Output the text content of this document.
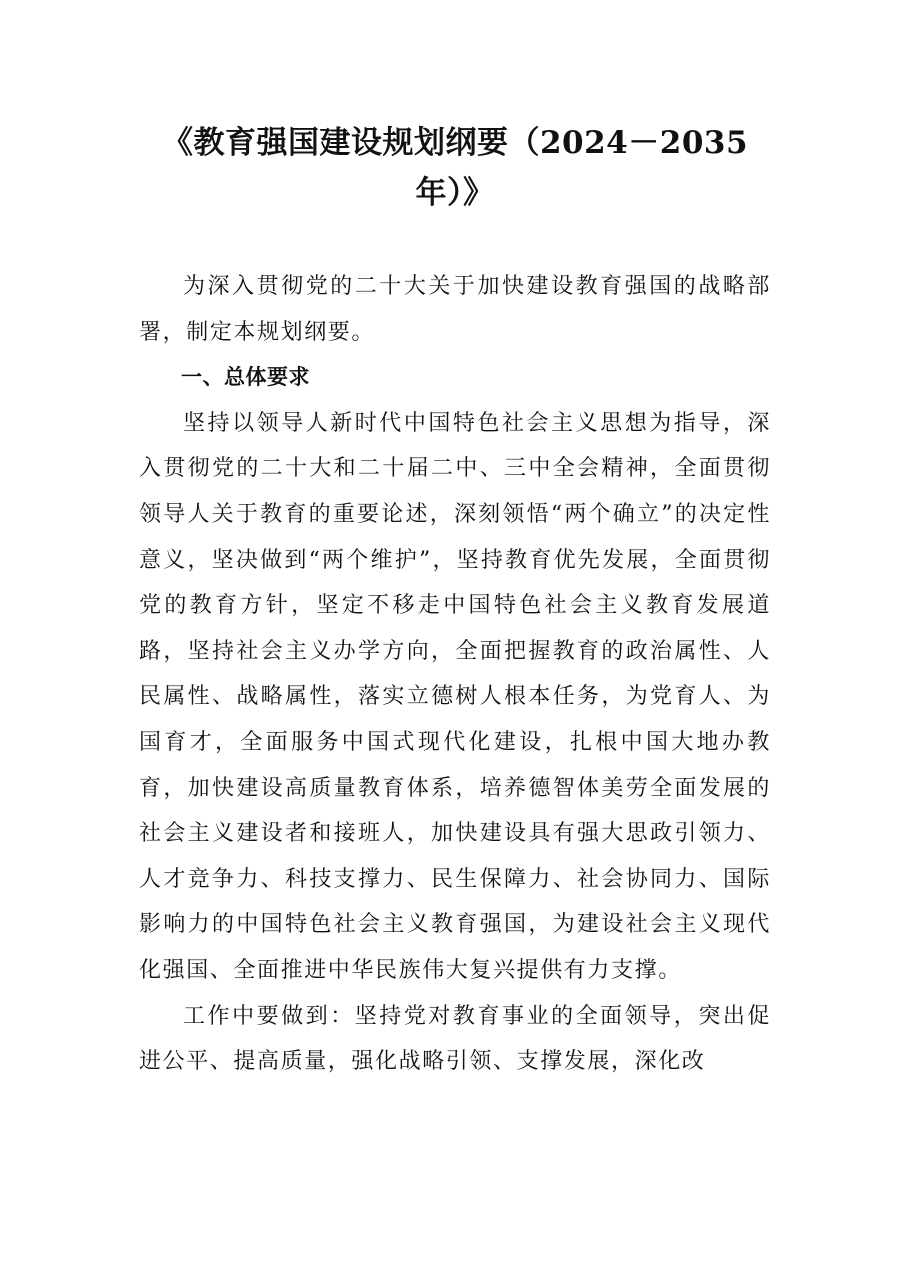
《教育强国建设规划纲要（2024－2035
年）》

为深入贯彻党的二十大关于加快建设教育强国的战略部署，制定本规划纲要。

一、总体要求

坚持以领导人新时代中国特色社会主义思想为指导，深入贯彻党的二十大和二十届二中、三中全会精神，全面贯彻领导人关于教育的重要论述，深刻领悟“两个确立”的决定性意义，坚决做到“两个维护”，坚持教育优先发展，全面贯彻党的教育方针，坚定不移走中国特色社会主义教育发展道路，坚持社会主义办学方向，全面把握教育的政治属性、人民属性、战略属性，落实立德树人根本任务，为党育人、为国育才，全面服务中国式现代化建设，扎根中国大地办教育，加快建设高质量教育体系，培养德智体美劳全面发展的社会主义建设者和接班人，加快建设具有强大思政引领力、人才竞争力、科技支撑力、民生保障力、社会协同力、国际影响力的中国特色社会主义教育强国，为建设社会主义现代化强国、全面推进中华民族伟大复兴提供有力支撑。

工作中要做到：坚持党对教育事业的全面领导，突出促进公平、提高质量，强化战略引领、支撑发展，深化改
